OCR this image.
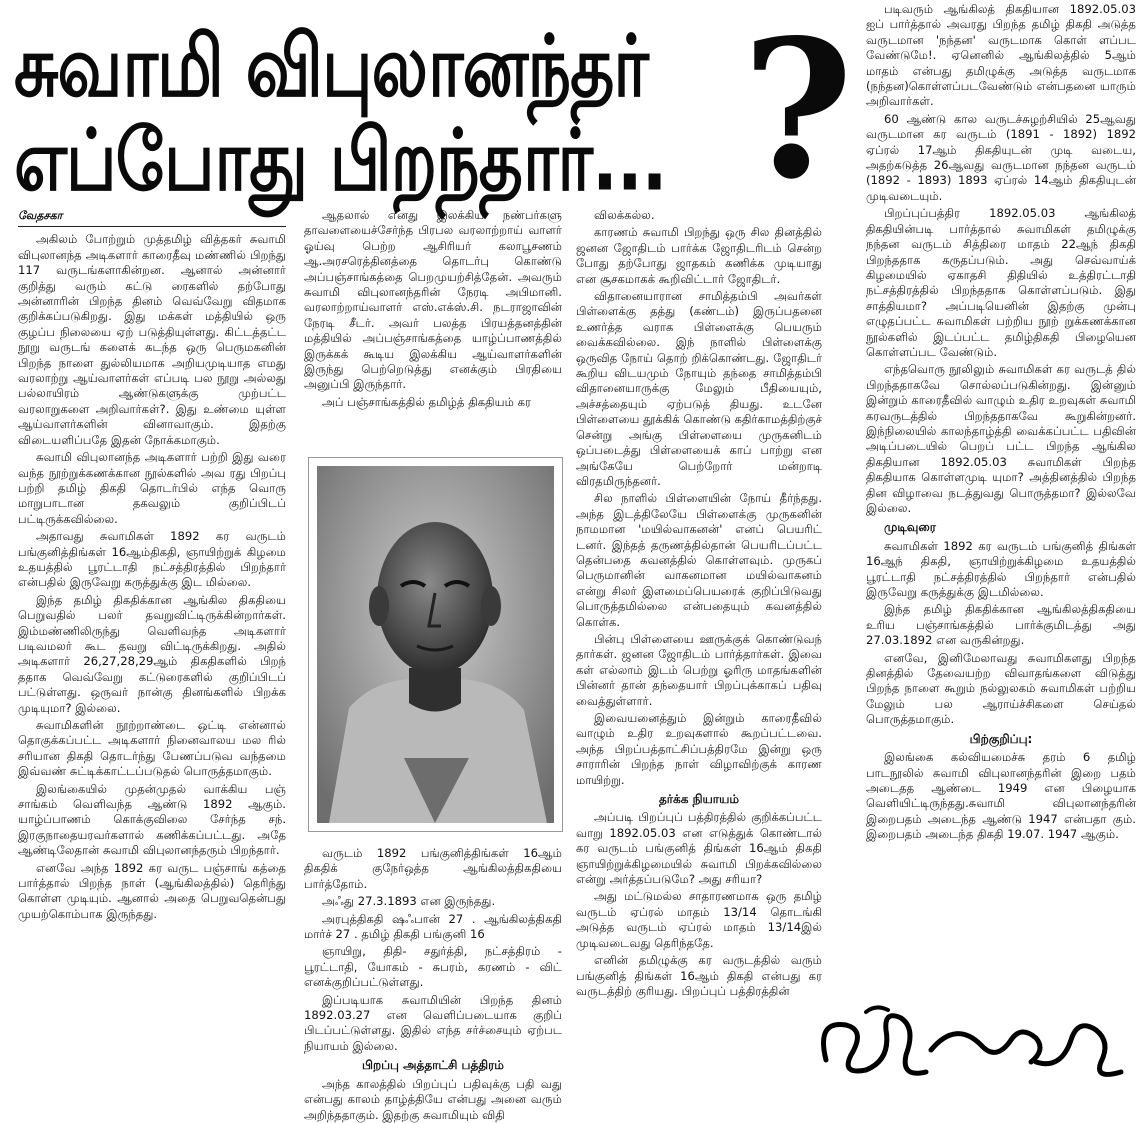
சுவாமி விபுலானந்தர்
எப்போது பிறந்தார்... ?
வேதசகா

அகிலம் போற்றும் முத்தமிழ் வித்தகர் சுவாமி விபுலானந்த அடிகளார் காரைதீவு மண்ணில் பிறந்து 117 வருடங்களாகின்றன. ஆனால் அன்னார் குறித்து வரும் கட்டு ரைகளில் தற்போது அன்னாரின் பிறந்த தினம் வெவ்வேறு விதமாக குறிக்கப்படுகிறது. இது மக்கள் மத்தியில் ஒரு குழப்ப நிலையை ஏற் படுத்தியுள்ளது. கிட்டத்தட்ட நூறு வருடங் களைக் கடந்த ஒரு பெருமகனின் பிறந்த நாளை துல்லியமாக அறியமுடியாத எமது வரலாற்று ஆய்வாளர்கள் எப்படி பல நூறு அல்லது பல்லாயிரம் ஆண்டுகளுக்கு முற்பட்ட வரலாறுகளை அறிவார்கள்?. இது உண்மை யுள்ள ஆய்வாளர்களின் வினாவாகும். இதற்கு விடையளிப்பதே இதன் நோக்கமாகும்.

சுவாமி விபுலானந்த அடிகளார் பற்றி இது வரை வந்த நூற்றுக்கணக்கான நூல்களில் அவ ரது பிறப்பு பற்றி தமிழ் திகதி தொடர்பில் எந்த வொரு மாறுபாடான தகவலும் குறிப்பிடப் பட்டிருக்கவில்லை.

அதாவது சுவாமிகள் 1892 கர வருடம் பங்குனித்திங்கள் 16ஆம்திகதி, ஞாயிற்றுக் கிழமை உதயத்தில் பூரட்டாதி நட்சத்திரத்தில் பிறந்தார் என்பதில் இருவேறு கருத்துக்கு இட மில்லை.

இந்த தமிழ் திகதிக்கான ஆங்கில திகதியை பெறுவதில் பலர் தவறுவிட்டிருக்கின்றார்கள். இம்மண்ணிலிருந்து வெளிவந்த அடிகளார் படிவமலர் கூட தவறு விட்டிருக்கிறது. அதில் அடிகளார் 26,27,28,29ஆம் திகதிகளில் பிறந் ததாக வெவ்வேறு கட்டுரைகளில் குறிப்பிடப் பட்டுள்ளது. ஒருவர் நான்கு தினங்களில் பிறக்க முடியுமா? இல்லை.

சுவாமிகளின் நூற்றாண்டை ஒட்டி என்னால் தொகுக்கப்பட்ட அடிகளார் நினைவாலய மல ரில் சரியான திகதி தொடர்ந்து பேணப்படுவ வந்தமை இவ்வண் சுட்டிக்காட்டப்படுதல் பொருத்தமாகும்.

இலங்கையில் முதன்முதல் வாக்கிய பஞ் சாங்கம் வெளிவந்த ஆண்டு 1892 ஆகும். யாழ்ப்பாணம் கொக்குவிலை சேர்ந்த சந். இரகுநாதையரவர்களால் கணிக்கப்பட்டது. அதே ஆண்டிலேதான் சுவாமி விபுலானந்தரும் பிறந்தார்.

எனவே அந்த 1892 கர வருட பஞ்சாங் கத்தை பார்த்தால் பிறந்த நாள் (ஆங்கிலத்தில்) தெரிந்து கொள்ள முடியும். ஆனால் அதை பெறுவதென்பது முயற்கொம்பாக இருந்தது.

ஆதலால் எனது இலக்கிய நண்பர்களு தாவளையைச்சேர்ந்த பிரபல வரலாற்றாய் வாளர் ஓய்வு பெற்ற ஆசிரியர் கலாபூசணம் ஆ.அரசரெத்தினத்தை தொடர்பு கொண்டு அப்பஞ்சாங்கத்தை பெறமுயற்சித்தேன். அவரும் சுவாமி விபுலானந்தரின் நேரடி அபிமானி. வரலாற்றாய்வாளர் எஸ்.எக்ஸ்.சி. நடராஜாவின் நேரடி சீடர். அவர் பலத்த பிரயத்தனத்தின் மத்தியில் அப்பஞ்சாங்கத்தை யாழ்ப்பாணத்தில் இருக்கக் கூடிய இலக்கிய ஆய்வாளர்களின் இருந்து பெற்றெடுத்து எனக்கும் பிரதியை அனுப்பி இருந்தார்.

அப் பஞ்சாங்கத்தில் தமிழ்த் திகதியம் கர

வருடம் 1892 பங்குனித்திங்கள் 16ஆம் திகதிக் குநேர்ஒத்த ஆங்கிலத்திகதியை பார்த்தோம்.

அஃது 27.3.1893 என இருந்தது.

அரபுத்திகதி ஷஃபான் 27 . ஆங்கிலத்திகதி மார்ச் 27 . தமிழ் திகதி பங்குனி 16

ஞாயிறு, திதி- சதுர்த்தி, நட்சத்திரம் - பூரட்டாதி, யோகம் - சுபரம், கரணம் - விட் எனக்குறிப்பட்டுள்ளது.

இப்படியாக சுவாமியின் பிறந்த தினம் 1892.03.27 என வெளிப்படையாக குறிப் பிடப்பட்டுள்ளது. இதில் எந்த சர்ச்சையும் ஏற்பட நியாயம் இல்லை.

பிறப்பு அத்தாட்சி பத்திரம்

அந்த காலத்தில் பிறப்புப் பதிவுக்கு பதி வது என்பது காலம் தாழ்த்தியே என்பது அனை வரும் அறிந்ததாகும். இதற்கு சுவாமியும் விதி

விலக்கல்ல.

காரணம் சுவாமி பிறந்து ஒரு சில தினத்தில் ஜனன ஜோதிடம் பார்க்க ஜோதிடரிடம் சென்ற போது தற்போது ஜாதகம் கணிக்க முடியாது என சூசகமாகக் கூறிவிட்டார் ஜோதிடர்.

விதானையாரான சாமித்தம்பி அவர்கள் பிள்ளைக்கு தத்து (கண்டம்) இருப்பதனை உணர்த்த வராக பிள்ளைக்கு பெயரும் வைக்கவில்லை. இந் நாளில் பிள்ளைக்கு ஒருவித நோய் தொற் றிக்கொண்டது. ஜோதிடர் கூறிய விடயமும் நோயும் தந்தை சாமித்தம்பி விதானையாருக்கு மேலும் பீதியையும், அச்சத்தையும் ஏற்படுத் தியது. உடனே பிள்ளையை தூக்கிக் கொண்டு கதிர்காமத்திற்குச் சென்று அங்கு பிள்ளையை முருகனிடம் ஒப்படைத்து பிள்ளையைக் காப் பாற்று என அங்கேயே பெற்றோர் மன்றாடி விரதமிருந்தனர்.

சில நாளில் பிள்ளையின் நோய் தீர்ந்தது. அந்த இடத்திலேயே பிள்ளைக்கு முருகனின் நாமமான 'மயில்வாகனன்' எனப் பெயரிட் டனர். இந்தத் தருணத்தில்தான் பெயரிடப்பட்ட தென்பதை கவனத்தில் கொள்ளவும். முருகப் பெருமானின் வாகனமான மயில்வாகனம் என்று சிலர் இளமைப்பெயரைக் குறிப்பிடுவது பொருத்தமில்லை என்பதையும் கவனத்தில் கொள்க.

பின்பு பிள்ளையை ஊருக்குக் கொண்டுவந் தார்கள். ஜனன ஜோதிடம் பார்த்தார்கள். இவை கள் எல்லாம் இடம் பெற்று ஓரிரு மாதங்களின் பின்னர் தான் தந்தையார் பிறப்புக்காகப் பதிவு வைத்துள்ளார்.

இவையனைத்தும் இன்றும் காரைதீவில் வாழும் உதிர உறவுகளால் கூறப்பட்டவை. அந்த பிறப்பத்தாட்சிப்பத்திரமே இன்று ஒரு சாராரின் பிறந்த நாள் விழாவிற்குக் காரண மாயிற்று.

தர்க்க நியாயம்

அப்படி பிறப்புப் பத்திரத்தில் குறிக்கப்பட்ட வாறு 1892.05.03 என எடுத்துக் கொண்டால் கர வருடம் பங்குனித் திங்கள் 16ஆம் திகதி ஞாயிற்றுக்கிழமையில் சுவாமி பிறக்கவில்லை என்று அர்த்தப்படுமே? அது சரியா?

அது மட்டுமல்ல சாதாரணமாக ஒரு தமிழ் வருடம் ஏப்ரல் மாதம் 13/14 தொடங்கி அடுத்த வருடம் ஏப்ரல் மாதம் 13/14இல் முடிவடைவது தெரிந்ததே.

எனின் தமிழுக்கு கர வருடத்தில் வரும் பங்குனித் திங்கள் 16ஆம் திகதி என்பது கர வருடத்திற் குரியது. பிறப்புப் பத்திரத்தின்

படிவரும் ஆங்கிலத் திகதியான 1892.05.03 ஐப் பார்த்தால் அவரது பிறந்த தமிழ் திகதி அடுத்த வருடமான 'நந்தன' வருடமாக கொள் ளப்பட வேண்டுமே!. ஏனெனில் ஆங்கிலத்தில் 5ஆம் மாதம் என்பது தமிழுக்கு அடுத்த வருடமாக (நந்தன)கொள்ளப்படவேண்டும் என்பதனை யாரும் அறிவார்கள்.

60 ஆண்டு கால வருடச்சுழற்சியில் 25ஆவது வருடமான கர வருடம் (1891 - 1892) 1892 ஏப்ரல் 17ஆம் திகதியுடன் முடி வடைய, அதற்கடுத்த 26ஆவது வருடமான நந்தன வருடம் (1892 - 1893) 1893 ஏப்ரல் 14ஆம் திகதியுடன் முடிவடையும்.

பிறப்புப்பத்திர 1892.05.03 ஆங்கிலத் திகதியின்படி பார்த்தால் சுவாமிகள் தமிழுக்கு நந்தன வருடம் சித்திரை மாதம் 22ஆந் திகதி பிறந்ததாக கருதப்படும். அது செவ்வாய்க் கிழமையில் ஏகாதசி திதியில் உத்திரட்டாதி நட்சத்திரத்தில் பிறந்ததாக கொள்ளப்படும். இது சாத்தியமா? அப்படியெனின் இதற்கு முன்பு எழுதப்பட்ட சுவாமிகள் பற்றிய நூற் றுக்கணக்கான நூல்களில் இடப்பட்ட தமிழ்திகதி பிழையென கொள்ளப்பட வேண்டும்.

எந்தவொரு நூலிலும் சுவாமிகள் கர வருடத் தில் பிறந்ததாகவே சொல்லப்படுகின்றது. இன்னும் இன்றும் காரைதீவில் வாழும் உதிர உறவுகள் சுவாமி கரவருடத்தில் பிறந்ததாகவே கூறுகின்றனர். இந்நிலையில் காலந்தாழ்த்தி வைக்கப்பட்ட பதிவின் அடிப்படையில் பெறப் பட்ட பிறந்த ஆங்கில திகதியான 1892.05.03 சுவாமிகள் பிறந்த திகதியாக கொள்ளமுடி யுமா? அத்தினத்தில் பிறந்த தின விழாவை நடத்துவது பொருத்தமா? இல்லவே இல்லை.

முடிவுரை

சுவாமிகள் 1892 கர வருடம் பங்குனித் திங்கள் 16ஆந் திகதி, ஞாயிற்றுக்கிழமை உதயத்தில் பூரட்டாதி நட்சத்திரத்தில் பிறந்தார் என்பதில் இருவேறு கருத்துக்கு இடமில்லை.

இந்த தமிழ் திகதிக்கான ஆங்கிலத்திகதியை உரிய பஞ்சாங்கத்தில் பார்க்குமிடத்து அது 27.03.1892 என வருகின்றது.

எனவே, இனிமேலாவது சுவாமிகளது பிறந்த தினத்தில் தேவையற்ற விவாதங்களை விடுத்து பிறந்த நாளை கூறும் நல்லுலகம் சுவாமிகள் பற்றிய மேலும் பல ஆராய்ச்சிகளை செய்தல் பொருத்தமாகும்.

பிற்குறிப்பு:

இலங்கை கல்வியமைச்சு தரம் 6 தமிழ் பாடநூலில் சுவாமி விபுலானந்தரின் இறை பதம் அடைதத ஆண்டை 1949 என பிழையாக வெளியிட்டிருந்தது.சுவாமி விபுலானந்தரின் இறைபதம் அடைந்த ஆண்டு 1947 என்பதா கும். இறைபதம் அடைந்த திகதி 19.07. 1947 ஆகும்.
